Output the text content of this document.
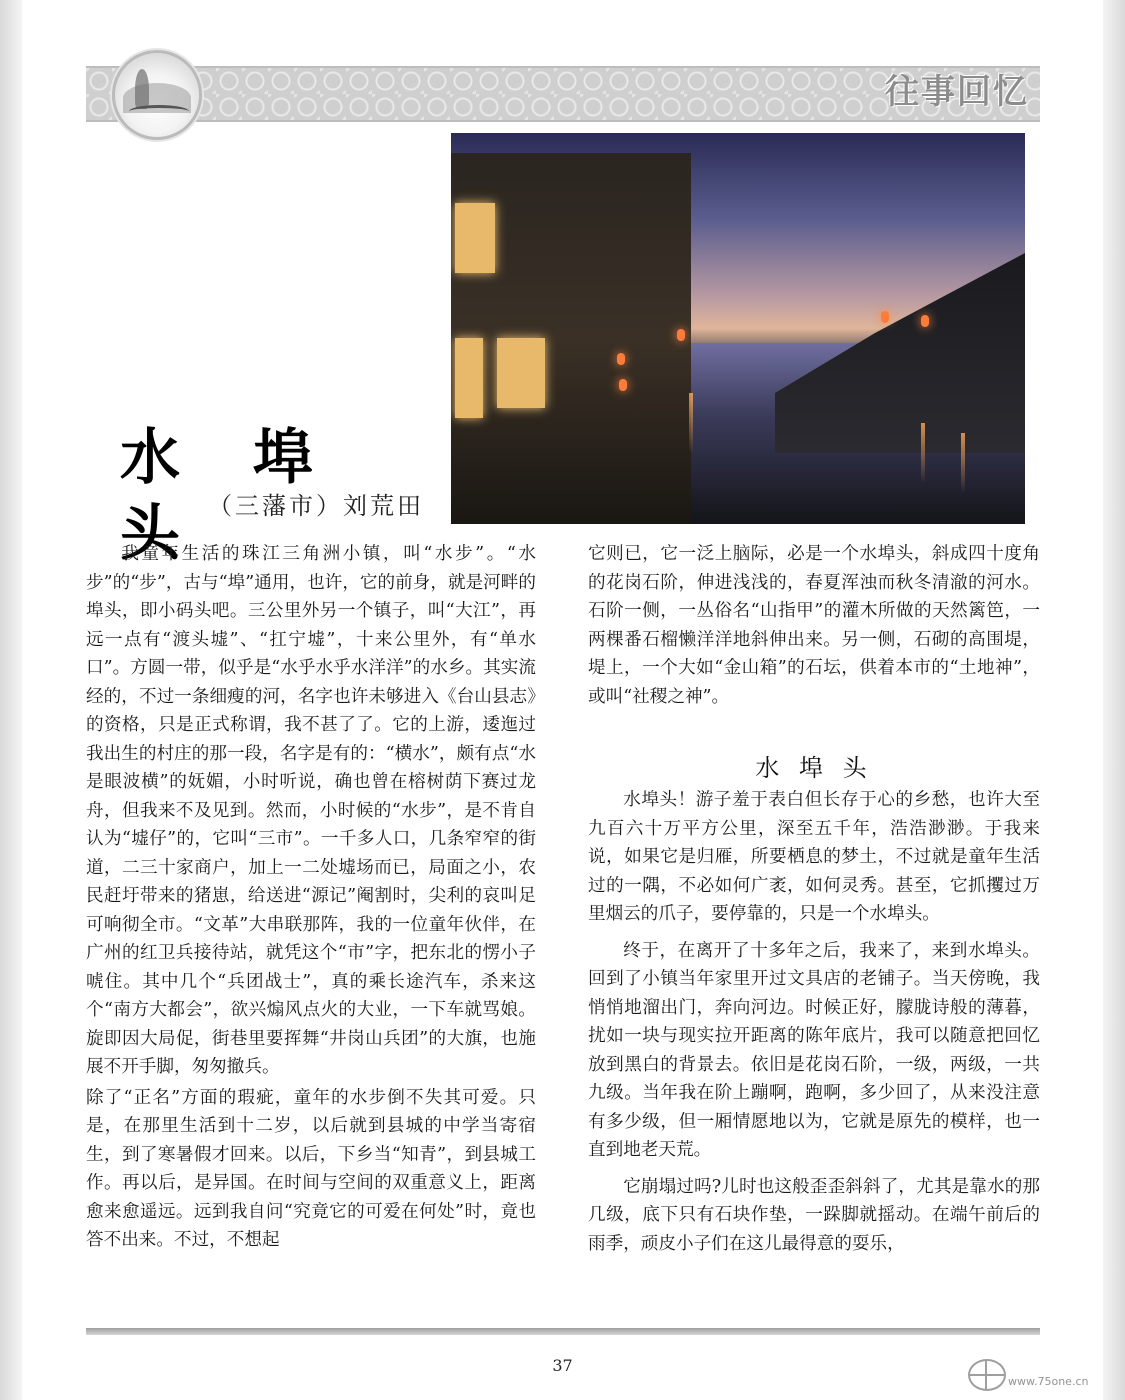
往事回忆
水 埠 头 （三藩市）刘荒田

我童年生活的珠江三角洲小镇，叫“水步”。“水步”的“步”，古与“埠”通用，也许，它的前身，就是河畔的埠头，即小码头吧。三公里外另一个镇子，叫“大江”，再远一点有“渡头墟”、“扛宁墟”，十来公里外，有“单水口”。方圆一带，似乎是“水乎水乎水洋洋”的水乡。其实流经的，不过一条细瘦的河，名字也许未够进入《台山县志》的资格，只是正式称谓，我不甚了了。它的上游，逶迤过我出生的村庄的那一段，名字是有的：“横水”，颇有点“水是眼波横”的妩媚，小时听说，确也曾在榕树荫下赛过龙舟，但我来不及见到。然而，小时候的“水步”，是不肯自认为“墟仔”的，它叫“三市”。一千多人口，几条窄窄的街道，二三十家商户，加上一二处墟场而已，局面之小，农民赶圩带来的猪崽，给送进“源记”阉割时，尖利的哀叫足可响彻全市。“文革”大串联那阵，我的一位童年伙伴，在广州的红卫兵接待站，就凭这个“市”字，把东北的愣小子唬住。其中几个“兵团战士”，真的乘长途汽车，杀来这个“南方大都会”，欲兴煽风点火的大业，一下车就骂娘。旋即因大局促，街巷里要挥舞“井岗山兵团”的大旗，也施展不开手脚，匆匆撤兵。

除了“正名”方面的瑕疵，童年的水步倒不失其可爱。只是，在那里生活到十二岁，以后就到县城的中学当寄宿生，到了寒暑假才回来。以后，下乡当“知青”，到县城工作。再以后，是异国。在时间与空间的双重意义上，距离愈来愈遥远。远到我自问“究竟它的可爱在何处”时，竟也答不出来。不过，不想起

它则已，它一泛上脑际，必是一个水埠头，斜成四十度角的花岗石阶，伸进浅浅的，春夏浑浊而秋冬清澈的河水。石阶一侧，一丛俗名“山指甲”的灌木所做的天然篱笆，一两棵番石榴懒洋洋地斜伸出来。另一侧，石砌的高围堤，堤上，一个大如“金山箱”的石坛，供着本市的“土地神”，或叫“社稷之神”。

水 埠 头

水埠头！游子羞于表白但长存于心的乡愁，也许大至九百六十万平方公里，深至五千年，浩浩渺渺。于我来说，如果它是归雁，所要栖息的梦土，不过就是童年生活过的一隅，不必如何广袤，如何灵秀。甚至，它抓攫过万里烟云的爪子，要停靠的，只是一个水埠头。

终于，在离开了十多年之后，我来了，来到水埠头。回到了小镇当年家里开过文具店的老铺子。当天傍晚，我悄悄地溜出门，奔向河边。时候正好，朦胧诗般的薄暮，扰如一块与现实拉开距离的陈年底片，我可以随意把回忆放到黑白的背景去。依旧是花岗石阶，一级，两级，一共九级。当年我在阶上蹦啊，跑啊，多少回了，从来没注意有多少级，但一厢情愿地以为，它就是原先的模样，也一直到地老天荒。

它崩塌过吗?儿时也这般歪歪斜斜了，尤其是靠水的那几级，底下只有石块作垫，一跺脚就摇动。在端午前后的雨季，顽皮小子们在这儿最得意的耍乐，

37
www.75one.cn
